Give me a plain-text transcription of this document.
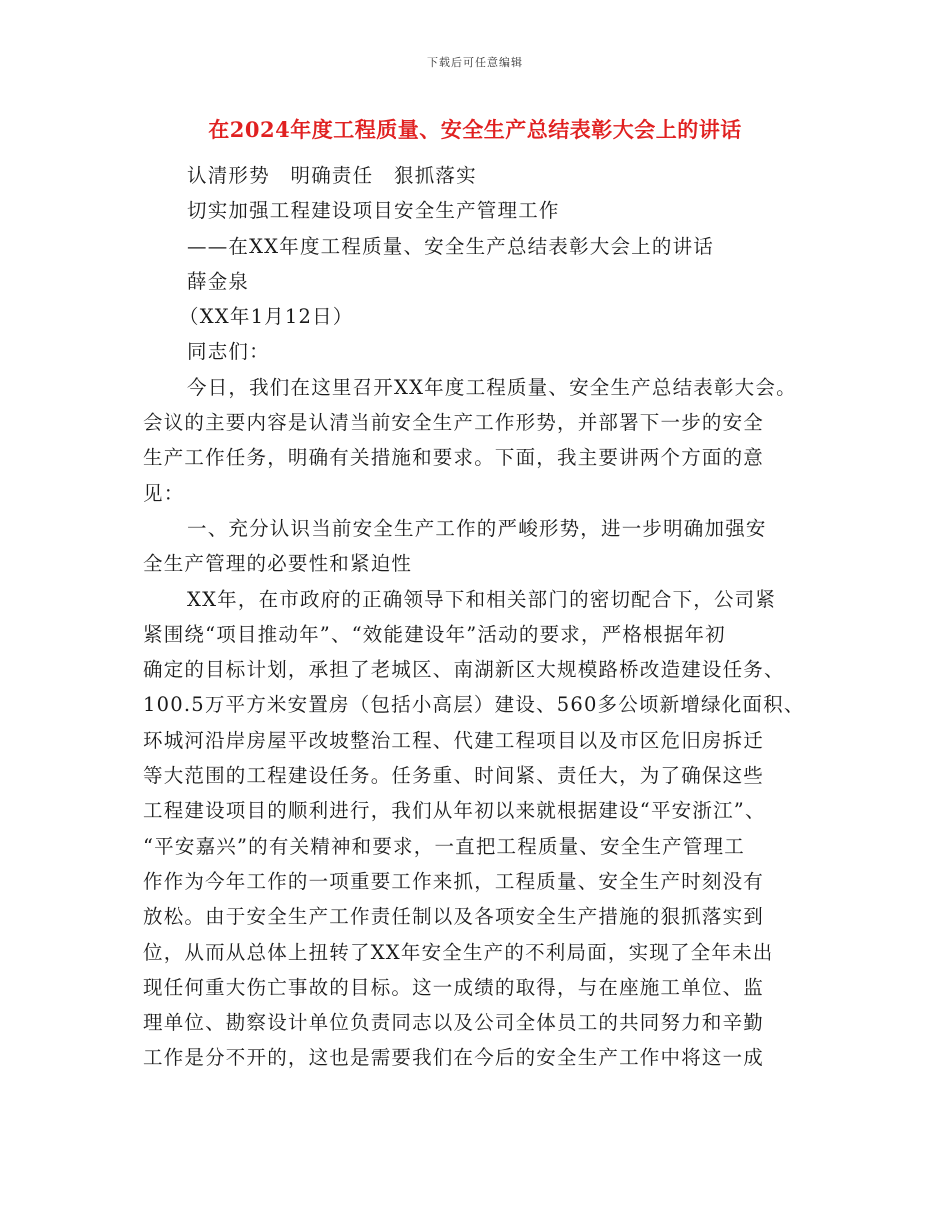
下载后可任意编辑
在2024年度工程质量、安全生产总结表彰大会上的讲话
认清形势　明确责任　狠抓落实
切实加强工程建设项目安全生产管理工作
——在XX年度工程质量、安全生产总结表彰大会上的讲话
薛金泉
（XX年1月12日）
同志们：
今日，我们在这里召开XX年度工程质量、安全生产总结表彰大会。
会议的主要内容是认清当前安全生产工作形势，并部署下一步的安全
生产工作任务，明确有关措施和要求。下面，我主要讲两个方面的意
见：
一、充分认识当前安全生产工作的严峻形势，进一步明确加强安
全生产管理的必要性和紧迫性
XX年，在市政府的正确领导下和相关部门的密切配合下，公司紧
紧围绕“项目推动年”、“效能建设年”活动的要求，严格根据年初
确定的目标计划，承担了老城区、南湖新区大规模路桥改造建设任务、
100.5万平方米安置房（包括小高层）建设、560多公顷新增绿化面积、
环城河沿岸房屋平改坡整治工程、代建工程项目以及市区危旧房拆迁
等大范围的工程建设任务。任务重、时间紧、责任大，为了确保这些
工程建设项目的顺利进行，我们从年初以来就根据建设“平安浙江”、
“平安嘉兴”的有关精神和要求，一直把工程质量、安全生产管理工
作作为今年工作的一项重要工作来抓，工程质量、安全生产时刻没有
放松。由于安全生产工作责任制以及各项安全生产措施的狠抓落实到
位，从而从总体上扭转了XX年安全生产的不利局面，实现了全年未出
现任何重大伤亡事故的目标。这一成绩的取得，与在座施工单位、监
理单位、勘察设计单位负责同志以及公司全体员工的共同努力和辛勤
工作是分不开的，这也是需要我们在今后的安全生产工作中将这一成
